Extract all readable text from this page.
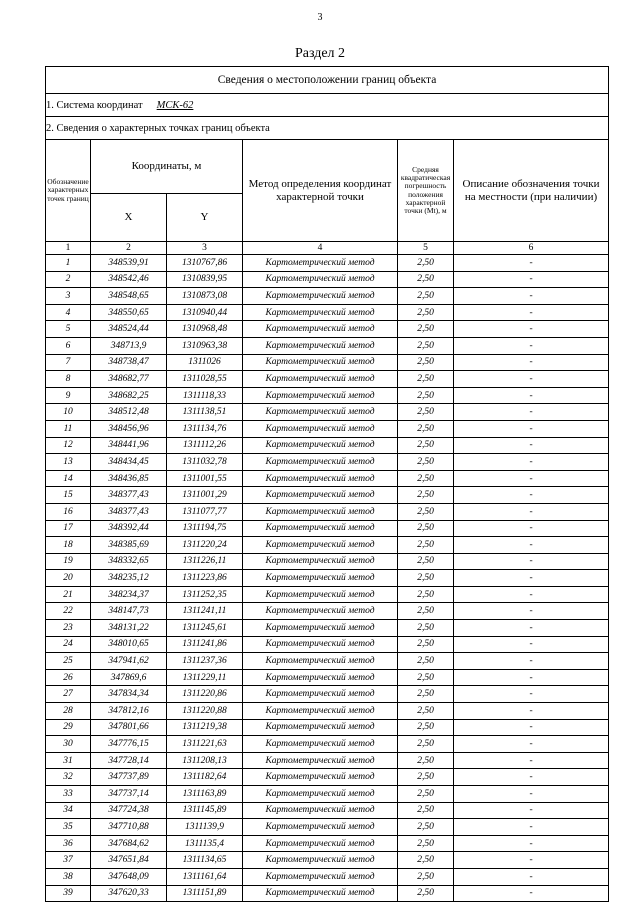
3
Раздел 2
Сведения о местоположении границ объекта					
1. Система координат МСК-62					
2. Сведения о характерных точках границ объекта					
Обозначение характерных точек границ	Координаты, м		Метод определения координат характерной точки	Средняя квадратическая погрешность положения характерной точки (Mt), м	Описание обозначения точки на местности (при наличии)
	X	Y			
1	2	3	4	5	6
1	348539,91	1310767,86	Картометрический метод	2,50	-
2	348542,46	1310839,95	Картометрический метод	2,50	-
3	348548,65	1310873,08	Картометрический метод	2,50	-
4	348550,65	1310940,44	Картометрический метод	2,50	-
5	348524,44	1310968,48	Картометрический метод	2,50	-
6	348713,9	1310963,38	Картометрический метод	2,50	-
7	348738,47	1311026	Картометрический метод	2,50	-
8	348682,77	1311028,55	Картометрический метод	2,50	-
9	348682,25	1311118,33	Картометрический метод	2,50	-
10	348512,48	1311138,51	Картометрический метод	2,50	-
11	348456,96	1311134,76	Картометрический метод	2,50	-
12	348441,96	1311112,26	Картометрический метод	2,50	-
13	348434,45	1311032,78	Картометрический метод	2,50	-
14	348436,85	1311001,55	Картометрический метод	2,50	-
15	348377,43	1311001,29	Картометрический метод	2,50	-
16	348377,43	1311077,77	Картометрический метод	2,50	-
17	348392,44	1311194,75	Картометрический метод	2,50	-
18	348385,69	1311220,24	Картометрический метод	2,50	-
19	348332,65	1311226,11	Картометрический метод	2,50	-
20	348235,12	1311223,86	Картометрический метод	2,50	-
21	348234,37	1311252,35	Картометрический метод	2,50	-
22	348147,73	1311241,11	Картометрический метод	2,50	-
23	348131,22	1311245,61	Картометрический метод	2,50	-
24	348010,65	1311241,86	Картометрический метод	2,50	-
25	347941,62	1311237,36	Картометрический метод	2,50	-
26	347869,6	1311229,11	Картометрический метод	2,50	-
27	347834,34	1311220,86	Картометрический метод	2,50	-
28	347812,16	1311220,88	Картометрический метод	2,50	-
29	347801,66	1311219,38	Картометрический метод	2,50	-
30	347776,15	1311221,63	Картометрический метод	2,50	-
31	347728,14	1311208,13	Картометрический метод	2,50	-
32	347737,89	1311182,64	Картометрический метод	2,50	-
33	347737,14	1311163,89	Картометрический метод	2,50	-
34	347724,38	1311145,89	Картометрический метод	2,50	-
35	347710,88	1311139,9	Картометрический метод	2,50	-
36	347684,62	1311135,4	Картометрический метод	2,50	-
37	347651,84	1311134,65	Картометрический метод	2,50	-
38	347648,09	1311161,64	Картометрический метод	2,50	-
39	347620,33	1311151,89	Картометрический метод	2,50	-
